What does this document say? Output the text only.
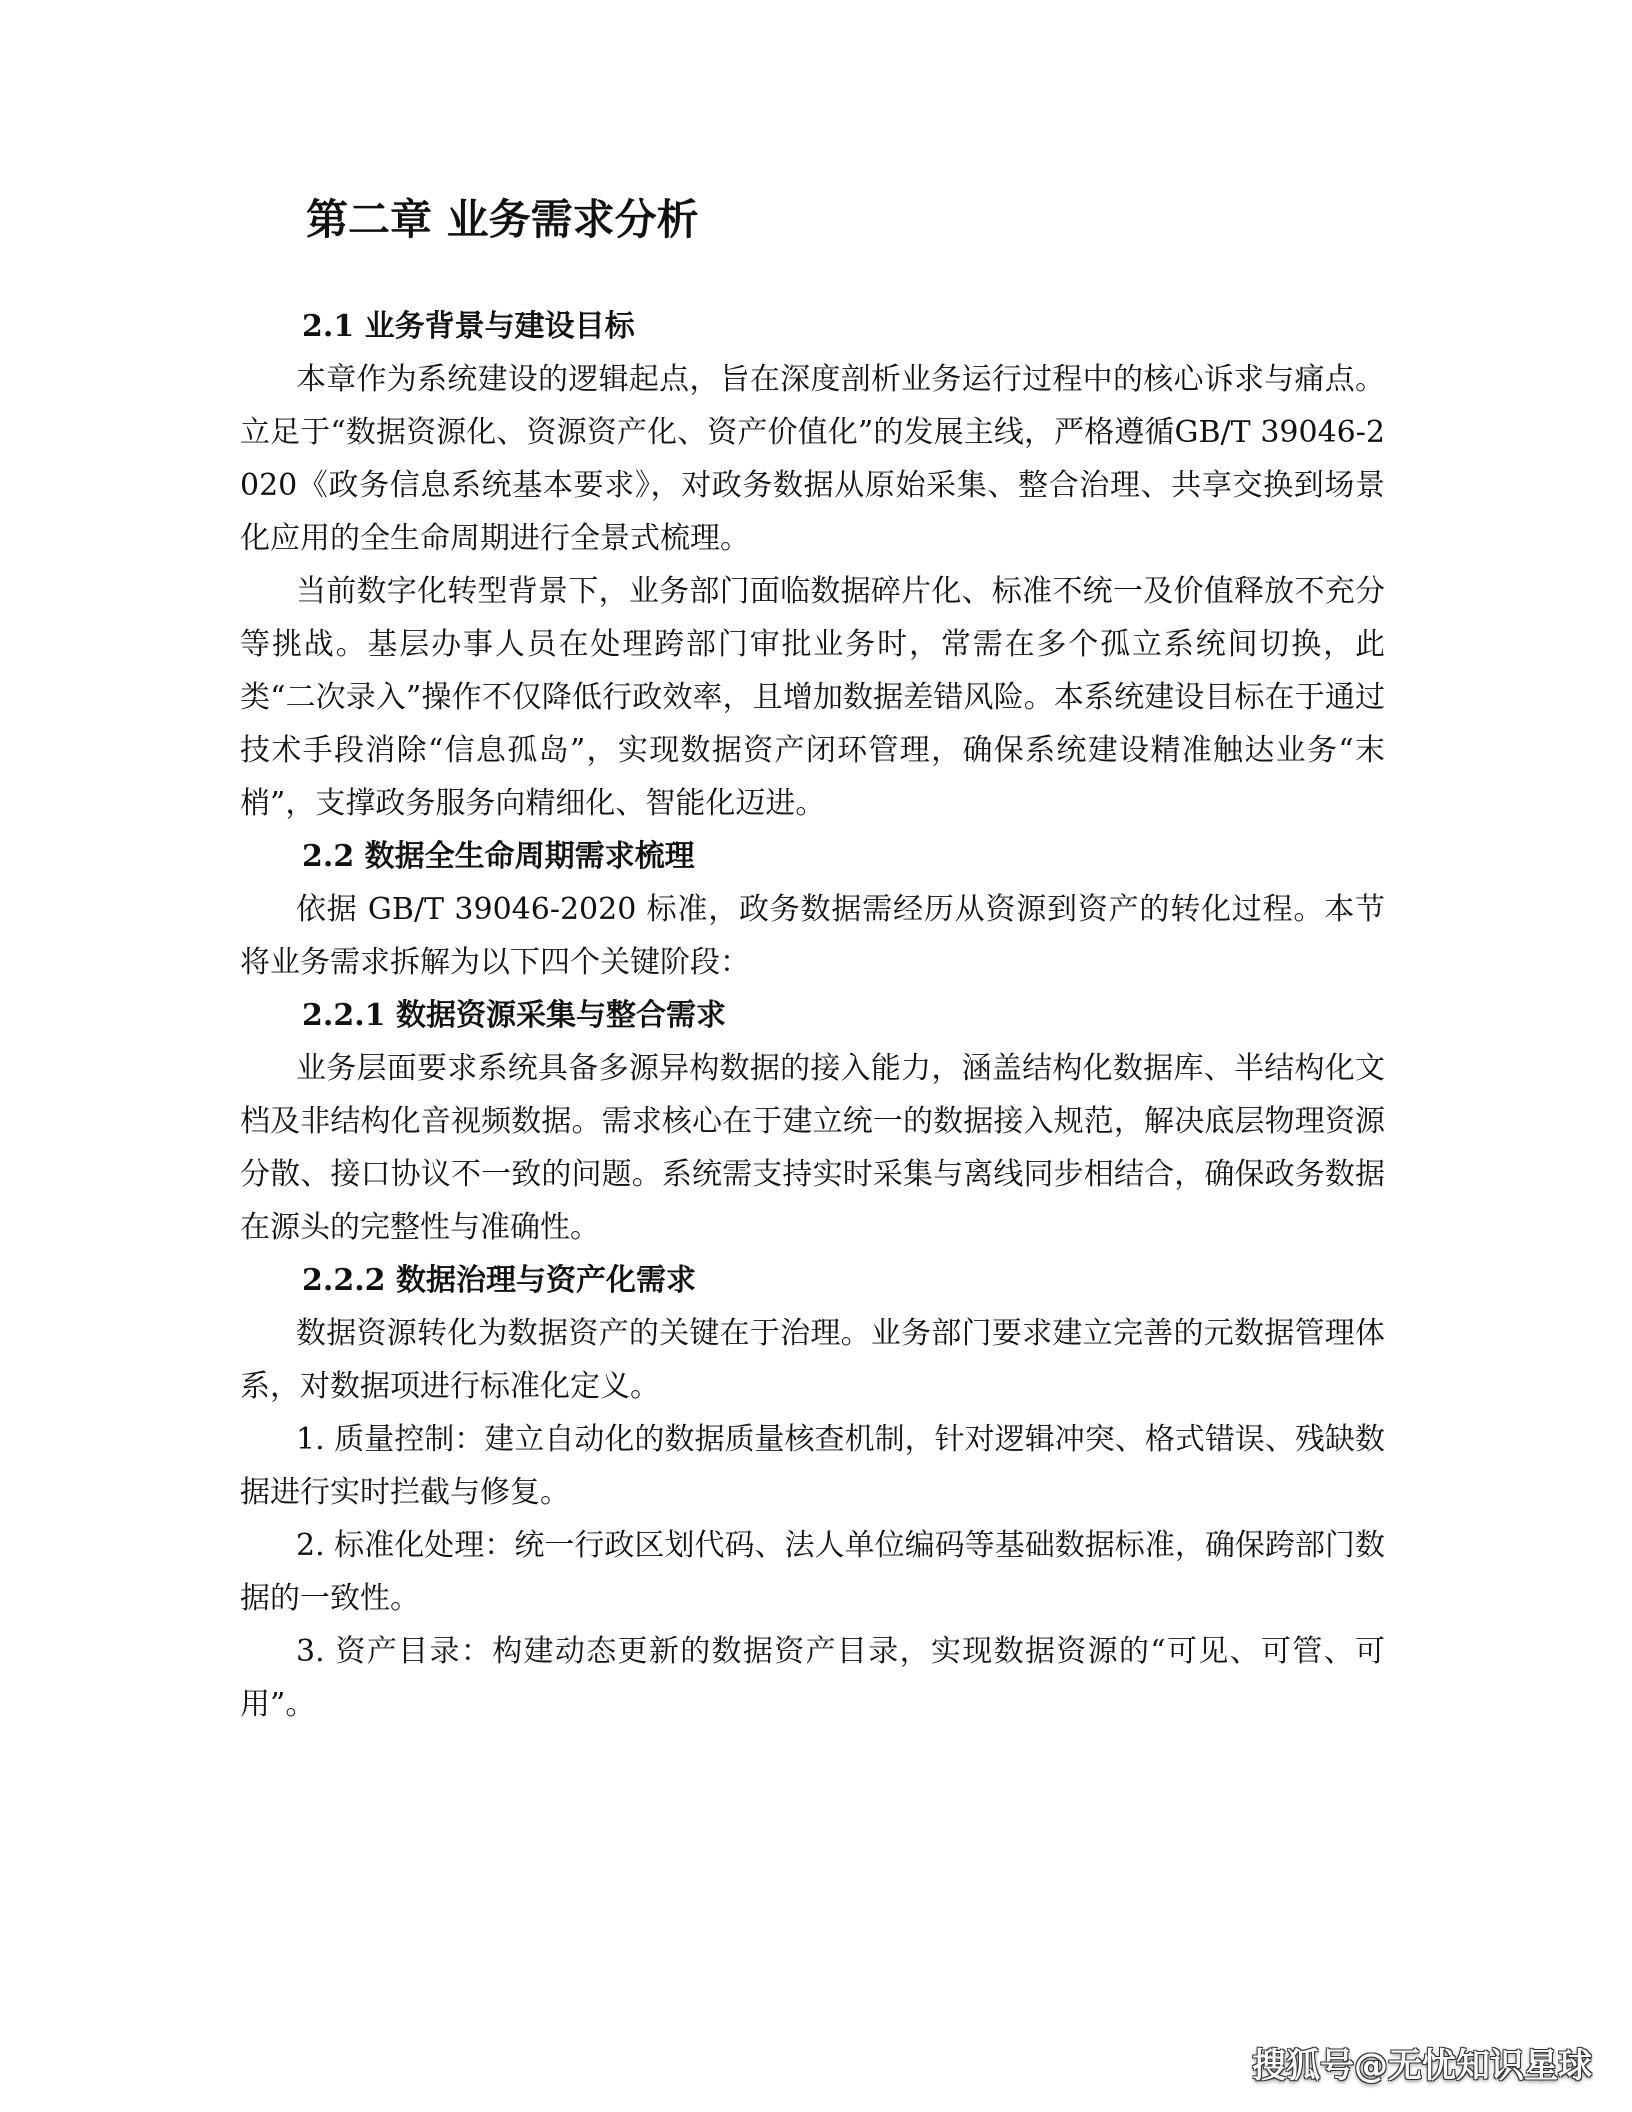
第二章 业务需求分析
2.1 业务背景与建设目标

本章作为系统建设的逻辑起点，旨在深度剖析业务运行过程中的核心诉求与痛点。立足于“数据资源化、资源资产化、资产价值化”的发展主线，严格遵循GB/T 39046-2020《政务信息系统基本要求》，对政务数据从原始采集、整合治理、共享交换到场景化应用的全生命周期进行全景式梳理。

当前数字化转型背景下，业务部门面临数据碎片化、标准不统一及价值释放不充分等挑战。基层办事人员在处理跨部门审批业务时，常需在多个孤立系统间切换，此类“二次录入”操作不仅降低行政效率，且增加数据差错风险。本系统建设目标在于通过技术手段消除“信息孤岛”，实现数据资产闭环管理，确保系统建设精准触达业务“末梢”，支撑政务服务向精细化、智能化迈进。

2.2 数据全生命周期需求梳理

依据 GB/T 39046-2020 标准，政务数据需经历从资源到资产的转化过程。本节将业务需求拆解为以下四个关键阶段：

2.2.1 数据资源采集与整合需求

业务层面要求系统具备多源异构数据的接入能力，涵盖结构化数据库、半结构化文档及非结构化音视频数据。需求核心在于建立统一的数据接入规范，解决底层物理资源分散、接口协议不一致的问题。系统需支持实时采集与离线同步相结合，确保政务数据在源头的完整性与准确性。

2.2.2 数据治理与资产化需求

数据资源转化为数据资产的关键在于治理。业务部门要求建立完善的元数据管理体系，对数据项进行标准化定义。

1. 质量控制：建立自动化的数据质量核查机制，针对逻辑冲突、格式错误、残缺数据进行实时拦截与修复。

2. 标准化处理：统一行政区划代码、法人单位编码等基础数据标准，确保跨部门数据的一致性。

3. 资产目录：构建动态更新的数据资产目录，实现数据资源的“可见、可管、可用”。

搜狐号@无忧知识星球
